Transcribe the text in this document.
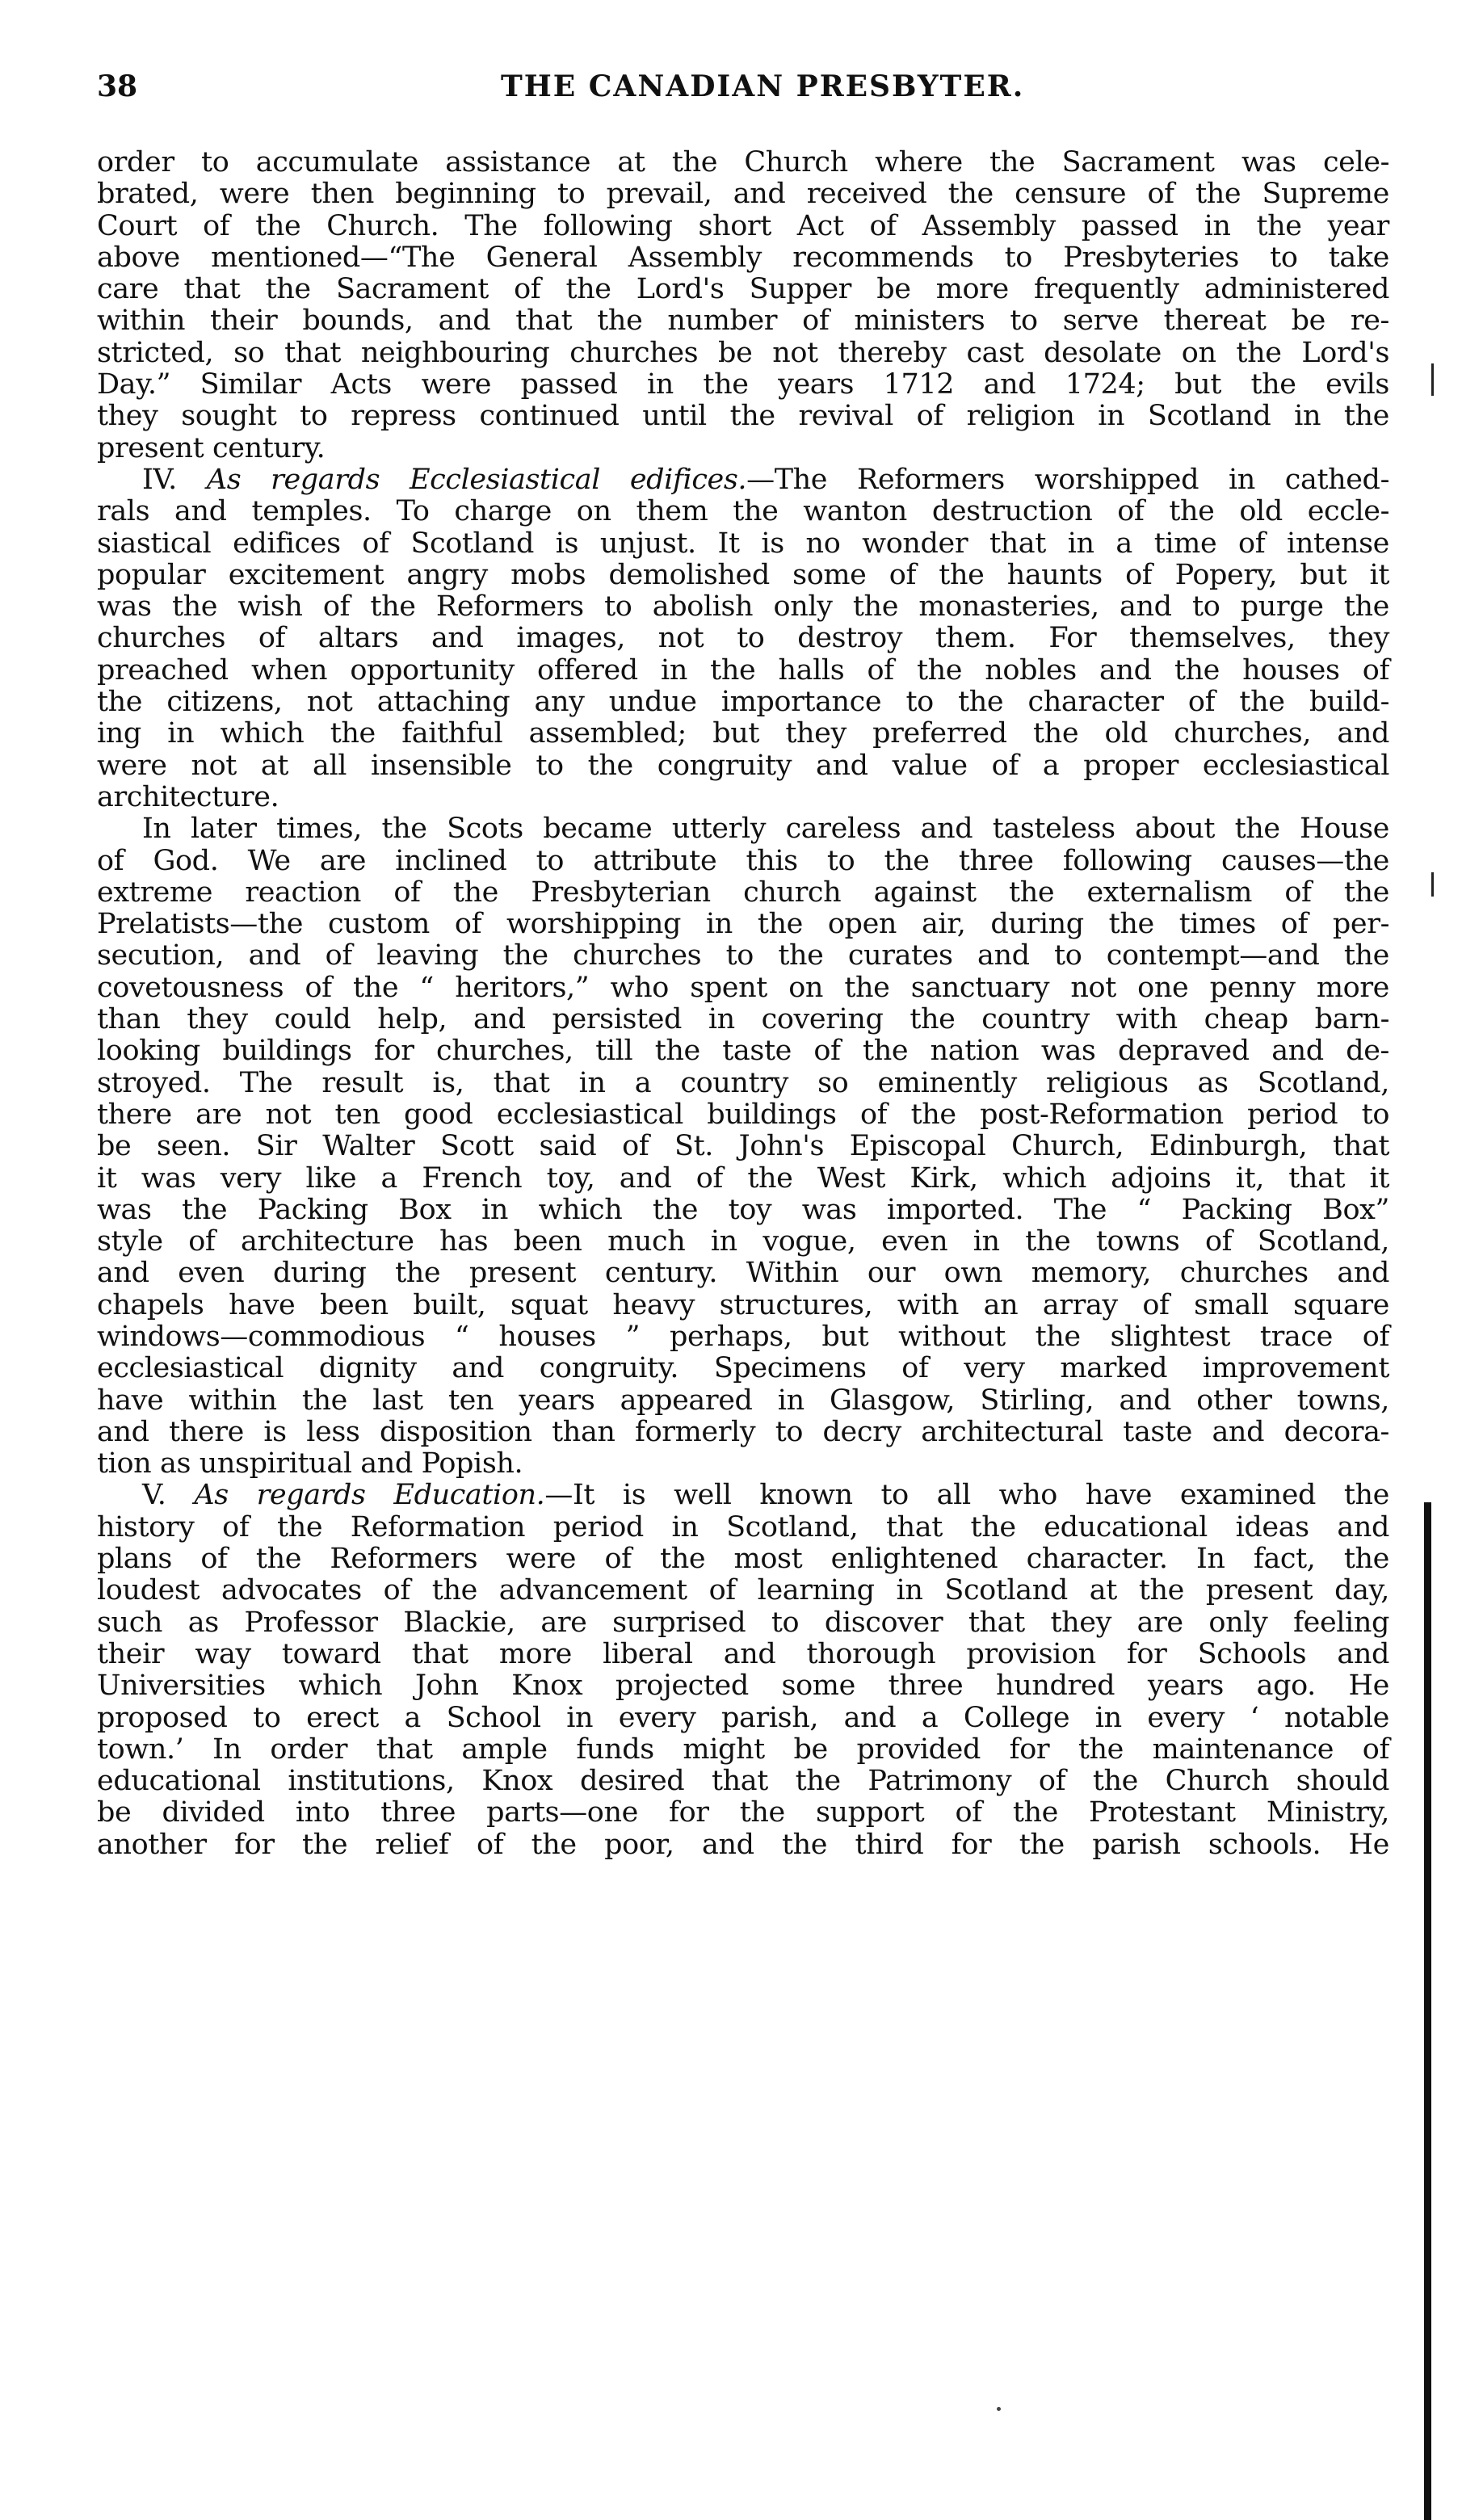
38	THE CANADIAN PRESBYTER.
order to accumulate assistance at the Church where the Sacrament was cele-
brated, were then beginning to prevail, and received the censure of the Supreme
Court of the Church. The following short Act of Assembly passed in the year
above mentioned—“The General Assembly recommends to Presbyteries to take
care that the Sacrament of the Lord's Supper be more frequently administered
within their bounds, and that the number of ministers to serve thereat be re-
stricted, so that neighbouring churches be not thereby cast desolate on the Lord's
Day.” Similar Acts were passed in the years 1712 and 1724; but the evils
they sought to repress continued until the revival of religion in Scotland in the
present century.
IV. As regards Ecclesiastical edifices.—The Reformers worshipped in cathed-
rals and temples. To charge on them the wanton destruction of the old eccle-
siastical edifices of Scotland is unjust. It is no wonder that in a time of intense
popular excitement angry mobs demolished some of the haunts of Popery, but it
was the wish of the Reformers to abolish only the monasteries, and to purge the
churches of altars and images, not to destroy them. For themselves, they
preached when opportunity offered in the halls of the nobles and the houses of
the citizens, not attaching any undue importance to the character of the build-
ing in which the faithful assembled; but they preferred the old churches, and
were not at all insensible to the congruity and value of a proper ecclesiastical
architecture.
In later times, the Scots became utterly careless and tasteless about the House
of God. We are inclined to attribute this to the three following causes—the
extreme reaction of the Presbyterian church against the externalism of the
Prelatists—the custom of worshipping in the open air, during the times of per-
secution, and of leaving the churches to the curates and to contempt—and the
covetousness of the “ heritors,” who spent on the sanctuary not one penny more
than they could help, and persisted in covering the country with cheap barn-
looking buildings for churches, till the taste of the nation was depraved and de-
stroyed. The result is, that in a country so eminently religious as Scotland,
there are not ten good ecclesiastical buildings of the post-Reformation period to
be seen. Sir Walter Scott said of St. John's Episcopal Church, Edinburgh, that
it was very like a French toy, and of the West Kirk, which adjoins it, that it
was the Packing Box in which the toy was imported. The “ Packing Box”
style of architecture has been much in vogue, even in the towns of Scotland,
and even during the present century. Within our own memory, churches and
chapels have been built, squat heavy structures, with an array of small square
windows—commodious “ houses ” perhaps, but without the slightest trace of
ecclesiastical dignity and congruity. Specimens of very marked improvement
have within the last ten years appeared in Glasgow, Stirling, and other towns,
and there is less disposition than formerly to decry architectural taste and decora-
tion as unspiritual and Popish.
V. As regards Education.—It is well known to all who have examined the
history of the Reformation period in Scotland, that the educational ideas and
plans of the Reformers were of the most enlightened character. In fact, the
loudest advocates of the advancement of learning in Scotland at the present day,
such as Professor Blackie, are surprised to discover that they are only feeling
their way toward that more liberal and thorough provision for Schools and
Universities which John Knox projected some three hundred years ago. He
proposed to erect a School in every parish, and a College in every ‘ notable
town.’ In order that ample funds might be provided for the maintenance of
educational institutions, Knox desired that the Patrimony of the Church should
be divided into three parts—one for the support of the Protestant Ministry,
another for the relief of the poor, and the third for the parish schools. He
